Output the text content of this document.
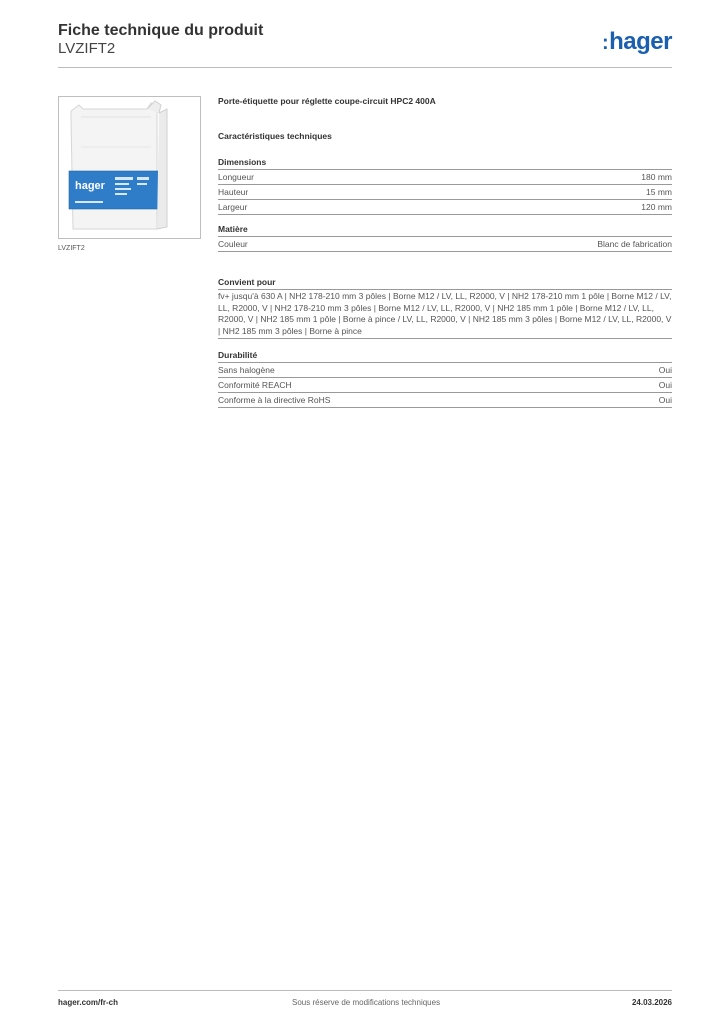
Fiche technique du produit
LVZIFT2	:hager
hager
LVZIFT2
Porte-étiquette pour réglette coupe-circuit HPC2 400A
Caractéristiques techniques
Dimensions
Longueur	180 mm
Hauteur	15 mm
Largeur	120 mm
Matière
Couleur	Blanc de fabrication
Convient pour
fv+ jusqu'à 630 A | NH2 178-210 mm 3 pôles | Borne M12 / LV, LL, R2000, V | NH2 178-210 mm 1 pôle | Borne M12 / LV, LL, R2000, V | NH2 178-210 mm 3 pôles | Borne M12 / LV, LL, R2000, V | NH2 185 mm 1 pôle | Borne M12 / LV, LL, R2000, V | NH2 185 mm 1 pôle | Borne à pince / LV, LL, R2000, V | NH2 185 mm 3 pôles | Borne M12 / LV, LL, R2000, V | NH2 185 mm 3 pôles | Borne à pince
Durabilité
Sans halogène	Oui
Conformité REACH	Oui
Conforme à la directive RoHS	Oui
hager.com/fr-ch	Sous réserve de modifications techniques	24.03.2026
